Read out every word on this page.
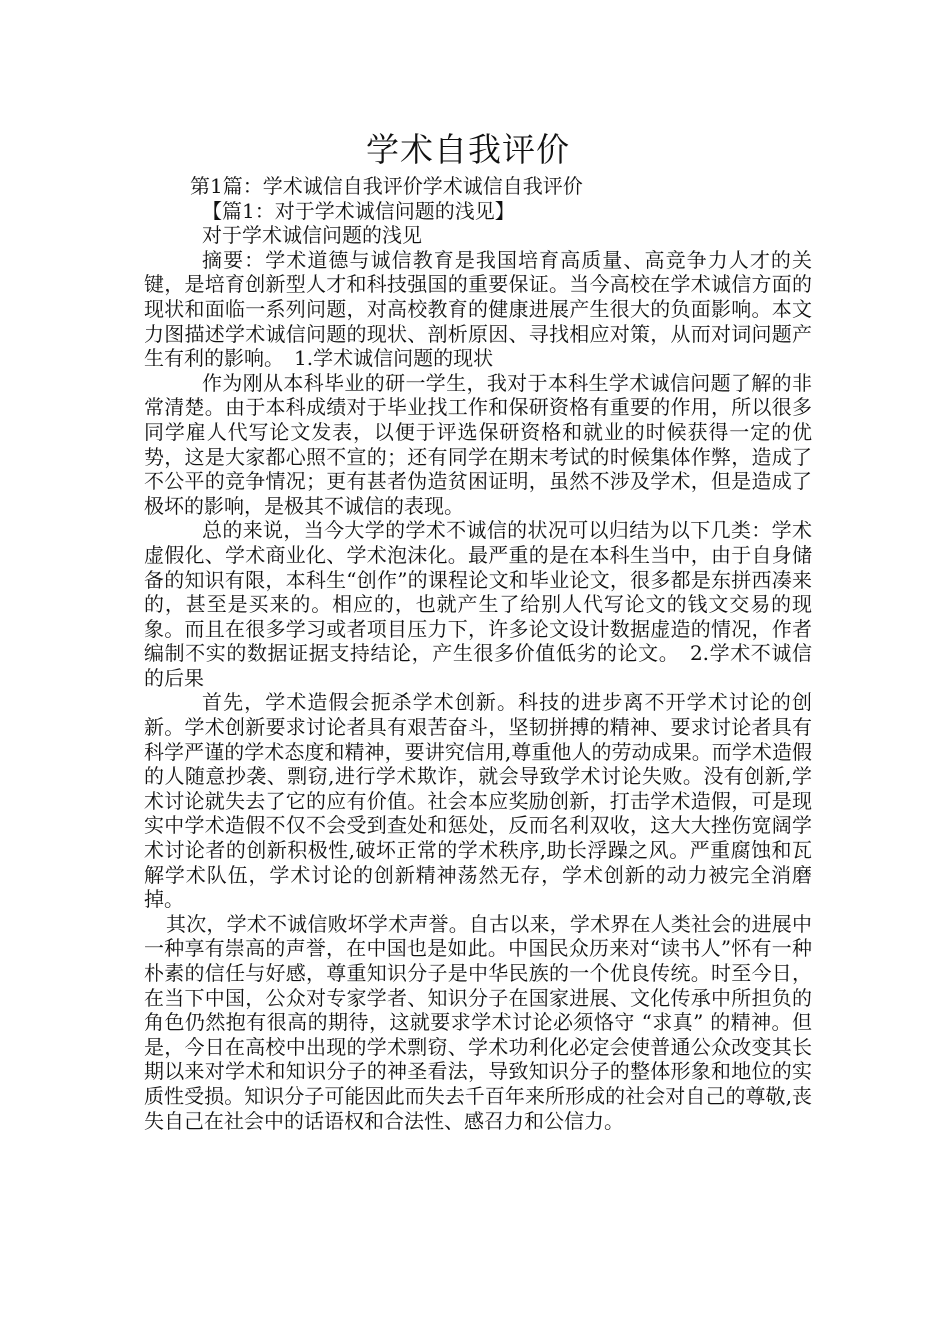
学术自我评价

第1篇：学术诚信自我评价学术诚信自我评价

【篇1：对于学术诚信问题的浅见】

对于学术诚信问题的浅见

摘要：学术道德与诚信教育是我国培育高质量、高竞争力人才的关键，是培育创新型人才和科技强国的重要保证。当今高校在学术诚信方面的现状和面临一系列问题，对高校教育的健康进展产生很大的负面影响。本文力图描述学术诚信问题的现状、剖析原因、寻找相应对策，从而对词问题产生有利的影响。　1.学术诚信问题的现状

作为刚从本科毕业的研一学生，我对于本科生学术诚信问题了解的非常清楚。由于本科成绩对于毕业找工作和保研资格有重要的作用，所以很多同学雇人代写论文发表，以便于评选保研资格和就业的时候获得一定的优势，这是大家都心照不宣的；还有同学在期末考试的时候集体作弊，造成了不公平的竞争情况；更有甚者伪造贫困证明，虽然不涉及学术，但是造成了极坏的影响，是极其不诚信的表现。

总的来说，当今大学的学术不诚信的状况可以归结为以下几类：学术虚假化、学术商业化、学术泡沫化。最严重的是在本科生当中，由于自身储备的知识有限，本科生“创作”的课程论文和毕业论文，很多都是东拼西凑来的，甚至是买来的。相应的，也就产生了给别人代写论文的钱文交易的现象。而且在很多学习或者项目压力下，许多论文设计数据虚造的情况，作者编制不实的数据证据支持结论，产生很多价值低劣的论文。　2.学术不诚信的后果

首先，学术造假会扼杀学术创新。科技的进步离不开学术讨论的创新。学术创新要求讨论者具有艰苦奋斗，坚韧拼搏的精神、要求讨论者具有科学严谨的学术态度和精神，要讲究信用,尊重他人的劳动成果。而学术造假的人随意抄袭、剽窃,进行学术欺诈，就会导致学术讨论失败。没有创新,学术讨论就失去了它的应有价值。社会本应奖励创新，打击学术造假，可是现实中学术造假不仅不会受到查处和惩处，反而名利双收，这大大挫伤宽阔学术讨论者的创新积极性,破坏正常的学术秩序,助长浮躁之风。严重腐蚀和瓦解学术队伍，学术讨论的创新精神荡然无存，学术创新的动力被完全消磨掉。

其次，学术不诚信败坏学术声誉。自古以来，学术界在人类社会的进展中一种享有崇高的声誉，在中国也是如此。中国民众历来对“读书人”怀有一种朴素的信任与好感，尊重知识分子是中华民族的一个优良传统。时至今日，在当下中国，公众对专家学者、知识分子在国家进展、文化传承中所担负的角色仍然抱有很高的期待，这就要求学术讨论必须恪守 “求真” 的精神。但是，今日在高校中出现的学术剽窃、学术功利化必定会使普通公众改变其长期以来对学术和知识分子的神圣看法，导致知识分子的整体形象和地位的实质性受损。知识分子可能因此而失去千百年来所形成的社会对自己的尊敬,丧失自己在社会中的话语权和合法性、感召力和公信力。
